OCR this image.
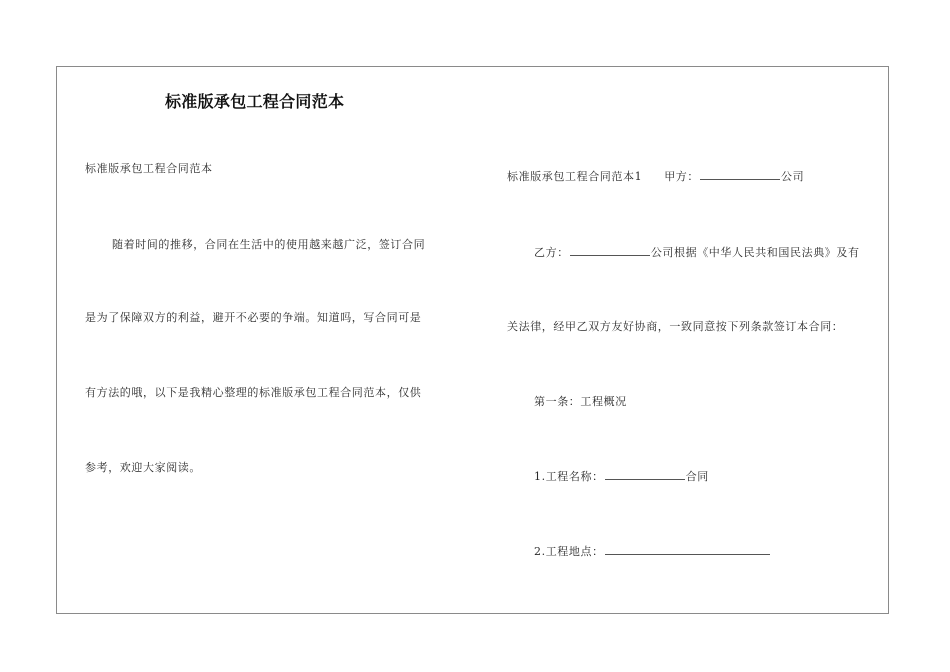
标准版承包工程合同范本
标准版承包工程合同范本
随着时间的推移，合同在生活中的使用越来越广泛，签订合同
是为了保障双方的利益，避开不必要的争端。知道吗，写合同可是
有方法的哦，以下是我精心整理的标准版承包工程合同范本，仅供
参考，欢迎大家阅读。
标准版承包工程合同范本1 甲方：	公司
乙方：	公司根据《中华人民共和国民法典》及有
关法律，经甲乙双方友好协商，一致同意按下列条款签订本合同：
第一条：工程概况
1.工程名称：	合同
2.工程地点：
